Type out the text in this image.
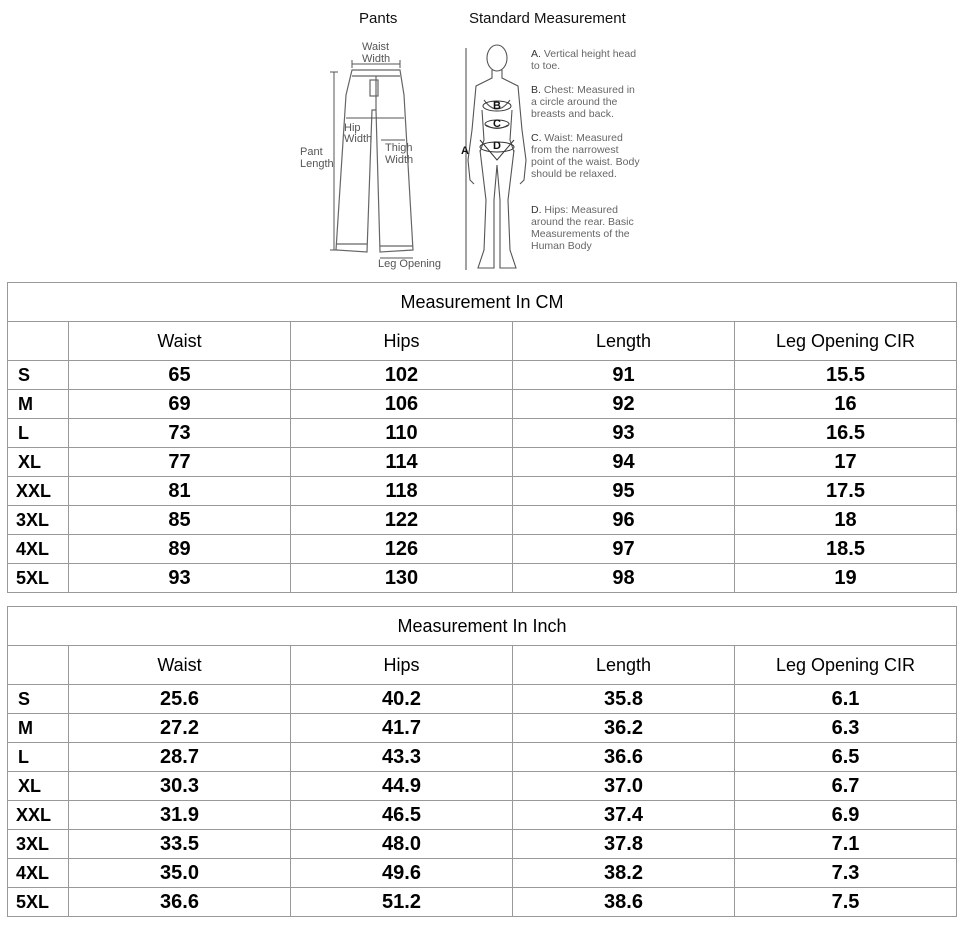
Pants	Standard Measurement
Waist
Width
Hip
Width
Thigh
Width
Pant
Length
Leg Opening
A
B
C
D
A. Vertical height head to toe.
B. Chest: Measured in a circle around the breasts and back.
C. Waist: Measured from the narrowest point of the waist. Body should be relaxed.
D. Hips: Measured around the rear. Basic Measurements of the Human Body
Measurement In CM				
	Waist	Hips	Length	Leg Opening CIR
S	65	102	91	15.5
M	69	106	92	16
L	73	110	93	16.5
XL	77	114	94	17
XXL	81	118	95	17.5
3XL	85	122	96	18
4XL	89	126	97	18.5
5XL	93	130	98	19
Measurement In Inch				
	Waist	Hips	Length	Leg Opening CIR
S	25.6	40.2	35.8	6.1
M	27.2	41.7	36.2	6.3
L	28.7	43.3	36.6	6.5
XL	30.3	44.9	37.0	6.7
XXL	31.9	46.5	37.4	6.9
3XL	33.5	48.0	37.8	7.1
4XL	35.0	49.6	38.2	7.3
5XL	36.6	51.2	38.6	7.5
